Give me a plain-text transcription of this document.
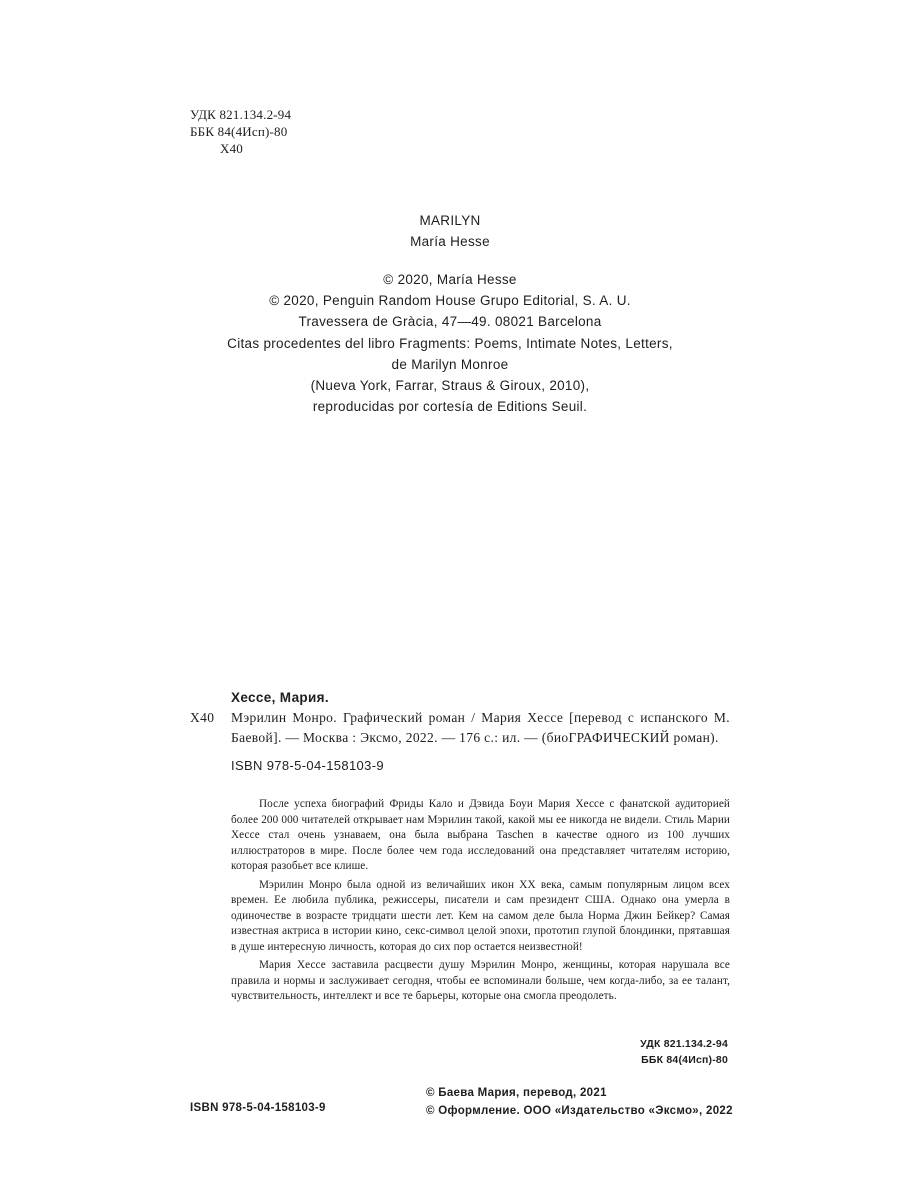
УДК 821.134.2-94
ББК 84(4Исп)-80
Х40
MARILYN
María Hesse
© 2020, María Hesse
© 2020, Penguin Random House Grupo Editorial, S. A. U.
Travessera de Gràcia, 47—49. 08021 Barcelona
Citas procedentes del libro Fragments: Poems, Intimate Notes, Letters,
de Marilyn Monroe
(Nueva York, Farrar, Straus & Giroux, 2010),
reproducidas por cortesía de Editions Seuil.
Хессе, Мария.
Х40	Мэрилин Монро. Графический роман / Мария Хессе [перевод с испанского М. Баевой]. — Москва : Эксмо, 2022. — 176 с.: ил. — (биоГРАФИЧЕСКИЙ роман).
ISBN 978-5-04-158103-9

После успеха биографий Фриды Кало и Дэвида Боуи Мария Хессе с фанатской аудиторией более 200 000 читателей открывает нам Мэрилин такой, какой мы ее никогда не видели. Стиль Марии Хессе стал очень узнаваем, она была выбрана Taschen в качестве одного из 100 лучших иллюстраторов в мире. После более чем года исследований она представляет читателям историю, которая разобьет все клише.

Мэрилин Монро была одной из величайших икон XX века, самым популярным лицом всех времен. Ее любила публика, режиссеры, писатели и сам президент США. Однако она умерла в одиночестве в возрасте тридцати шести лет. Кем на самом деле была Норма Джин Бейкер? Самая известная актриса в истории кино, секс-символ целой эпохи, прототип глупой блондинки, прятавшая в душе интересную личность, которая до сих пор остается неизвестной!

Мария Хессе заставила расцвести душу Мэрилин Монро, женщины, которая нарушала все правила и нормы и заслуживает сегодня, чтобы ее вспоминали больше, чем когда-либо, за ее талант, чувствительность, интеллект и все те барьеры, которые она смогла преодолеть.

УДК 821.134.2-94
ББК 84(4Исп)-80
ISBN 978-5-04-158103-9
© Баева Мария, перевод, 2021
© Оформление. ООО «Издательство «Эксмо», 2022
